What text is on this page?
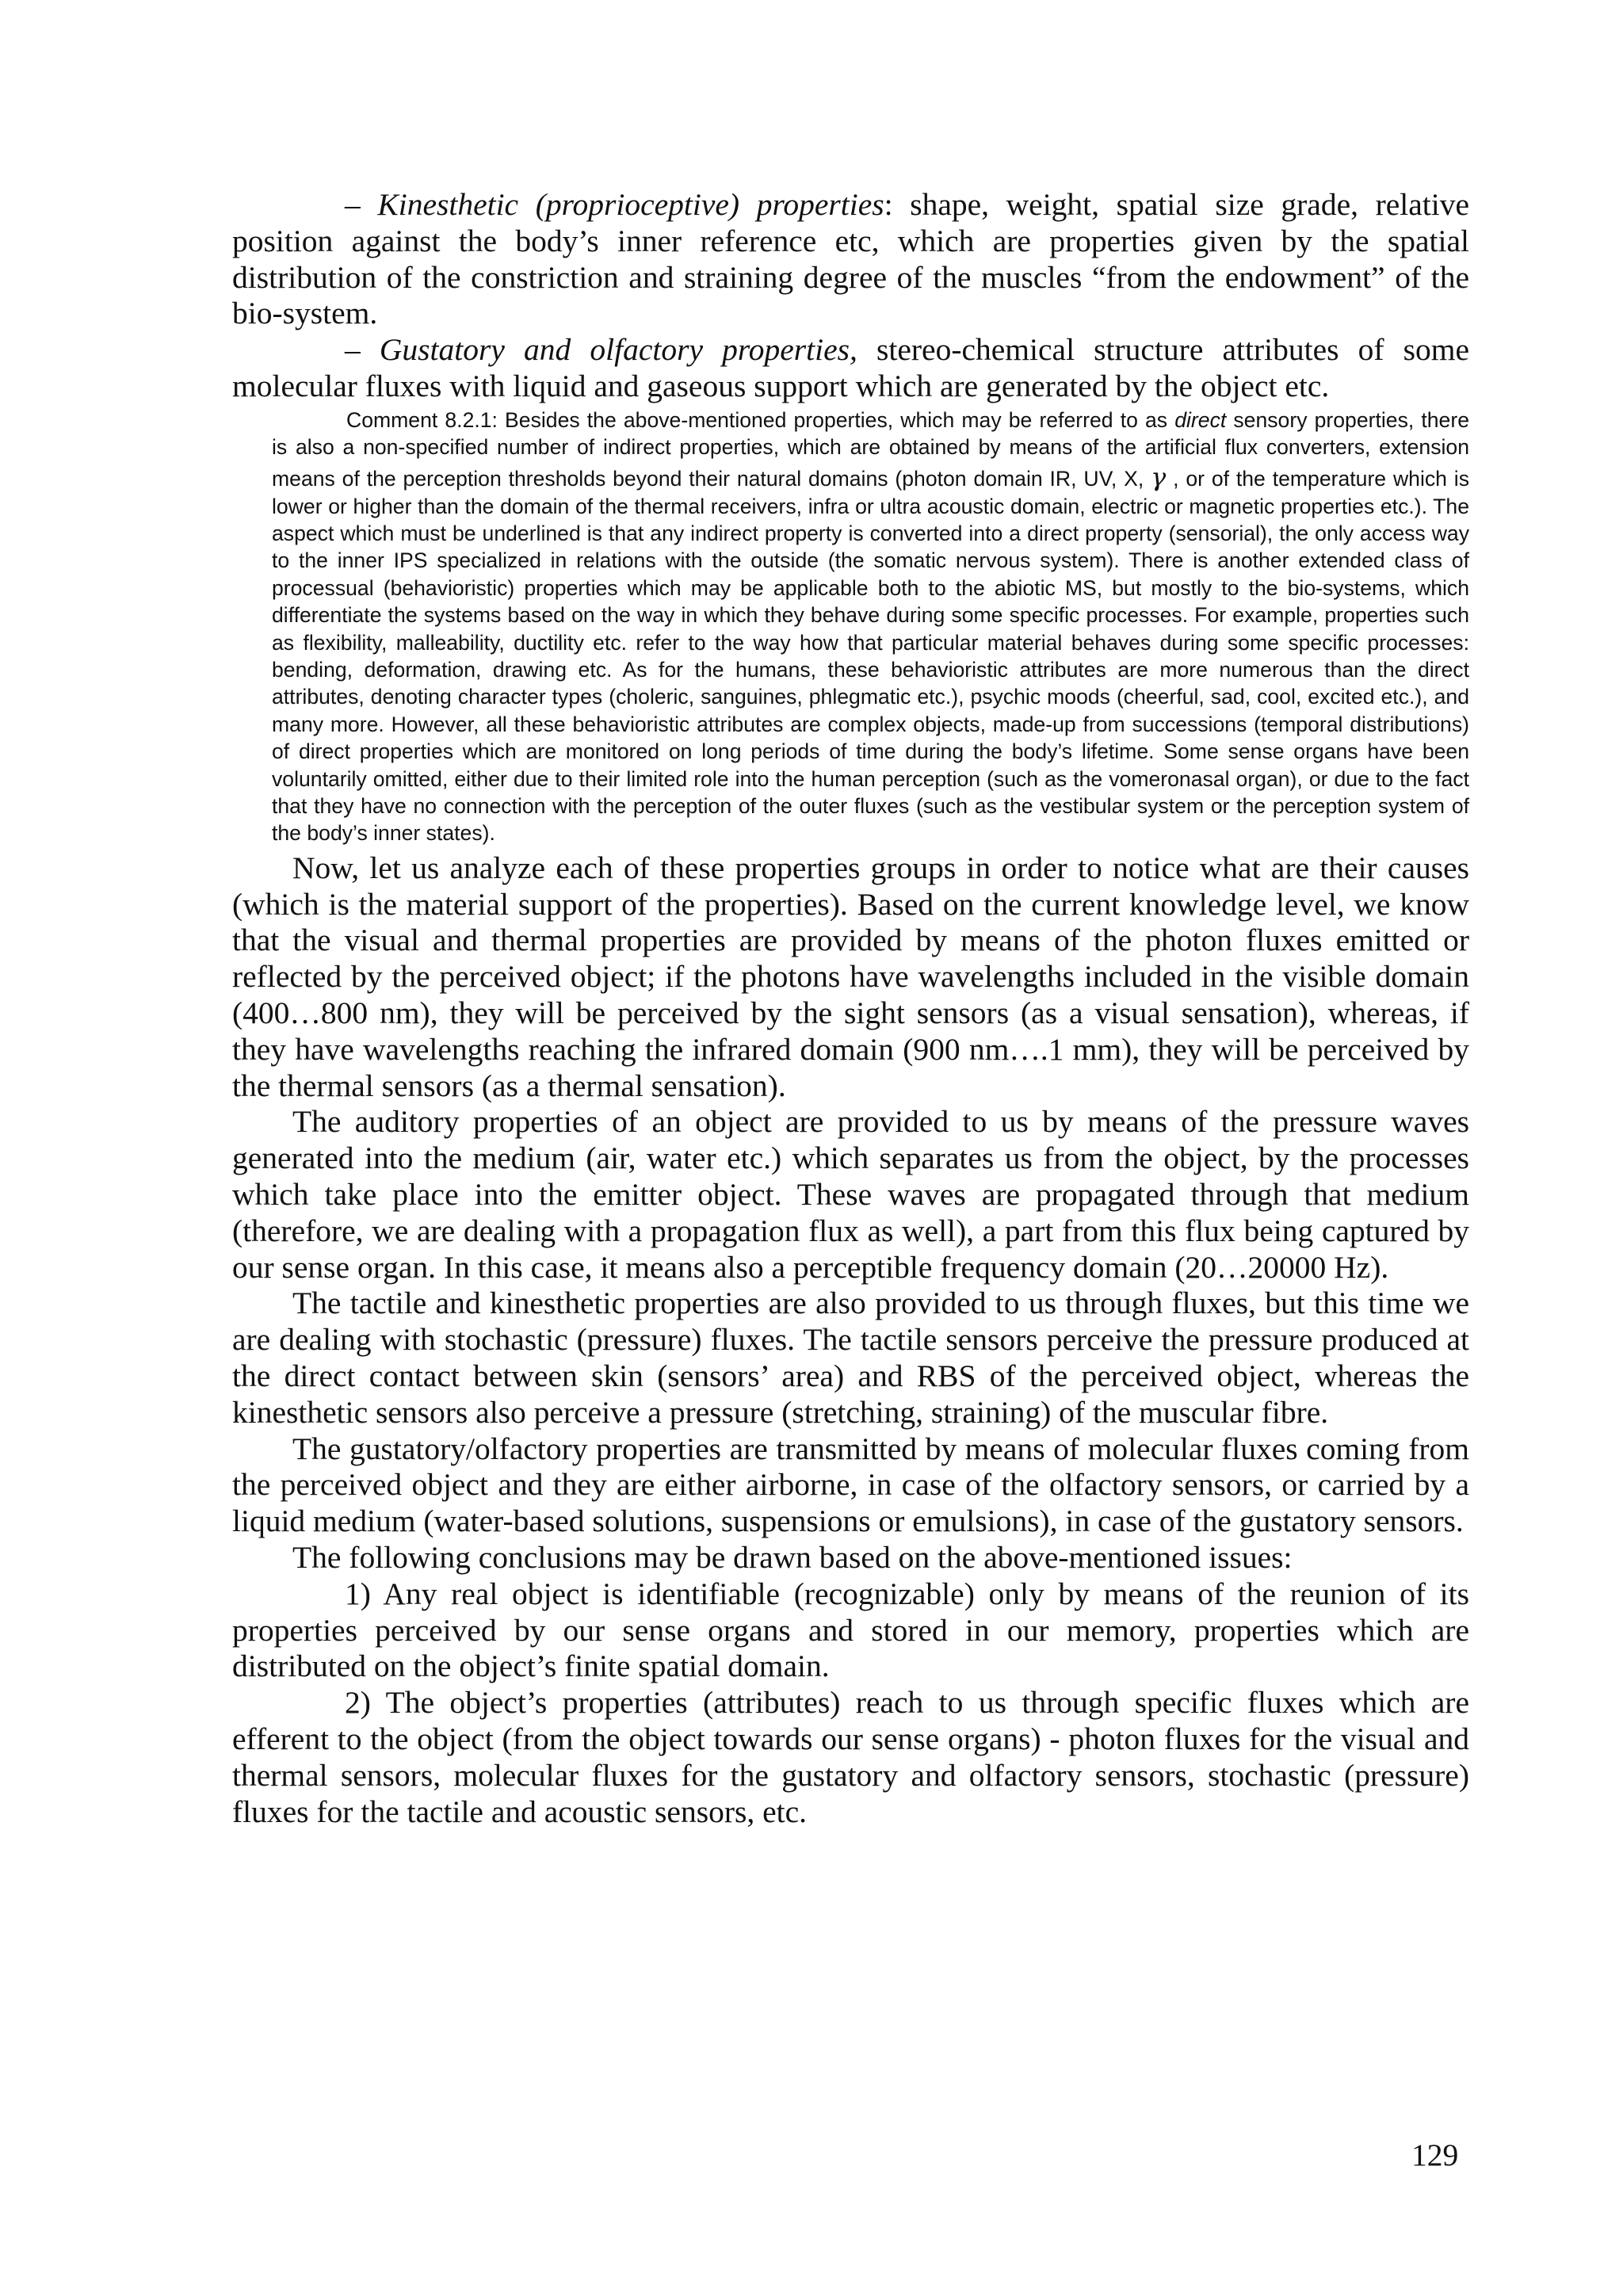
– Kinesthetic (proprioceptive) properties: shape, weight, spatial size grade, relative position against the body’s inner reference etc, which are properties given by the spatial distribution of the constriction and straining degree of the muscles “from the endowment” of the bio-system.

– Gustatory and olfactory properties, stereo-chemical structure attributes of some molecular fluxes with liquid and gaseous support which are generated by the object etc.

Comment 8.2.1: Besides the above-mentioned properties, which may be referred to as direct sensory properties, there is also a non-specified number of indirect properties, which are obtained by means of the artificial flux converters, extension means of the perception thresholds beyond their natural domains (photon domain IR, UV, X, γ , or of the temperature which is lower or higher than the domain of the thermal receivers, infra or ultra acoustic domain, electric or magnetic properties etc.). The aspect which must be underlined is that any indirect property is converted into a direct property (sensorial), the only access way to the inner IPS specialized in relations with the outside (the somatic nervous system). There is another extended class of processual (behavioristic) properties which may be applicable both to the abiotic MS, but mostly to the bio-systems, which differentiate the systems based on the way in which they behave during some specific processes. For example, properties such as flexibility, malleability, ductility etc. refer to the way how that particular material behaves during some specific processes: bending, deformation, drawing etc. As for the humans, these behavioristic attributes are more numerous than the direct attributes, denoting character types (choleric, sanguines, phlegmatic etc.), psychic moods (cheerful, sad, cool, excited etc.), and many more. However, all these behavioristic attributes are complex objects, made-up from successions (temporal distributions) of direct properties which are monitored on long periods of time during the body’s lifetime. Some sense organs have been voluntarily omitted, either due to their limited role into the human perception (such as the vomeronasal organ), or due to the fact that they have no connection with the perception of the outer fluxes (such as the vestibular system or the perception system of the body’s inner states).

Now, let us analyze each of these properties groups in order to notice what are their causes (which is the material support of the properties). Based on the current knowledge level, we know that the visual and thermal properties are provided by means of the photon fluxes emitted or reflected by the perceived object; if the photons have wavelengths included in the visible domain (400…800 nm), they will be perceived by the sight sensors (as a visual sensation), whereas, if they have wavelengths reaching the infrared domain (900 nm….1 mm), they will be perceived by the thermal sensors (as a thermal sensation).

The auditory properties of an object are provided to us by means of the pressure waves generated into the medium (air, water etc.) which separates us from the object, by the processes which take place into the emitter object. These waves are propagated through that medium (therefore, we are dealing with a propagation flux as well), a part from this flux being captured by our sense organ. In this case, it means also a perceptible frequency domain (20…20000 Hz).

The tactile and kinesthetic properties are also provided to us through fluxes, but this time we are dealing with stochastic (pressure) fluxes. The tactile sensors perceive the pressure produced at the direct contact between skin (sensors’ area) and RBS of the perceived object, whereas the kinesthetic sensors also perceive a pressure (stretching, straining) of the muscular fibre.

The gustatory/olfactory properties are transmitted by means of molecular fluxes coming from the perceived object and they are either airborne, in case of the olfactory sensors, or carried by a liquid medium (water-based solutions, suspensions or emulsions), in case of the gustatory sensors.

The following conclusions may be drawn based on the above-mentioned issues:

1) Any real object is identifiable (recognizable) only by means of the reunion of its properties perceived by our sense organs and stored in our memory, properties which are distributed on the object’s finite spatial domain.

2) The object’s properties (attributes) reach to us through specific fluxes which are efferent to the object (from the object towards our sense organs) - photon fluxes for the visual and thermal sensors, molecular fluxes for the gustatory and olfactory sensors, stochastic (pressure) fluxes for the tactile and acoustic sensors, etc.

129
